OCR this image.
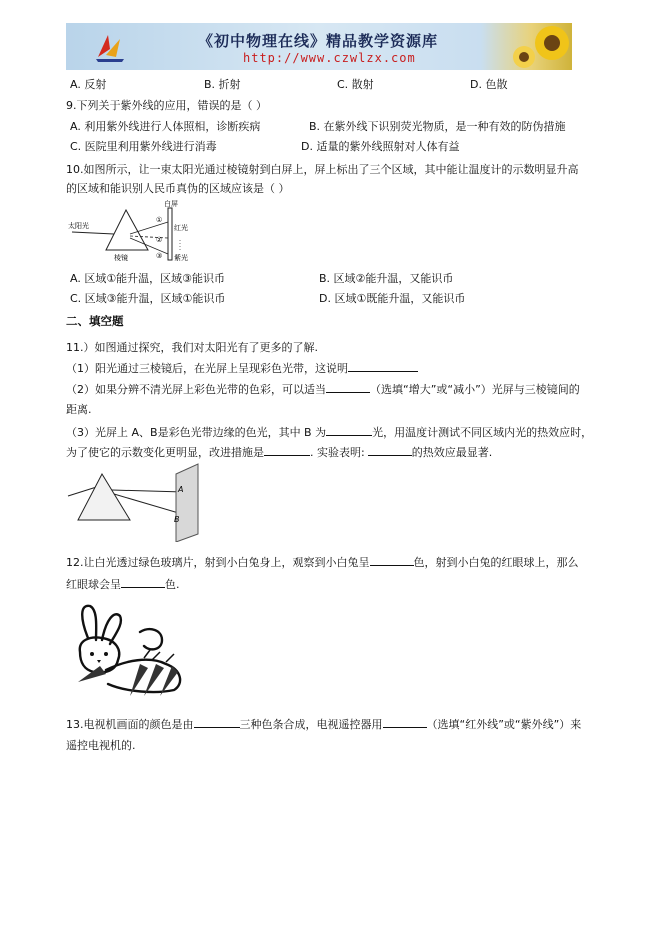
《初中物理在线》精品教学资源库
http://www.czwlzx.com
A. 反射	B. 折射	C. 散射	D. 色散
9.下列关于紫外线的应用，错误的是（ ）
A. 利用紫外线进行人体照相，诊断疾病	B. 在紫外线下识别荧光物质，是一种有效的防伪措施
C. 医院里利用紫外线进行消毒	D. 适量的紫外线照射对人体有益
10.如图所示，让一束太阳光通过棱镜射到白屏上，屏上标出了三个区域，其中能让温度计的示数明显升高
的区域和能识别人民币真伪的区域应该是（ ）
太阳光
棱镜
白屏
红光
紫光
①
②
③
A. 区域①能升温，区域③能识币	B. 区域②能升温，又能识币
C. 区域③能升温，区域①能识币	D. 区域①既能升温，又能识币
二、填空题
11.）如图通过探究，我们对太阳光有了更多的了解.
（1）阳光通过三棱镜后，在光屏上呈现彩色光带，这说明
（2）如果分辨不清光屏上彩色光带的色彩，可以适当	（选填“增大”或“减小”）光屏与三棱镜间的
距离.
（3）光屏上 A、B是彩色光带边缘的色光，其中 B 为	光，用温度计测试不同区域内光的热效应时，
为了使它的示数变化更明显，改进措施是	. 实验表明:	的热效应最显著.
A
B
12.让白光透过绿色玻璃片，射到小白兔身上，观察到小白兔呈	色，射到小白兔的红眼球上，那么
红眼球会呈	色.
13.电视机画面的颜色是由	三种色条合成，电视遥控器用	（选填“红外线”或“紫外线”）来
遥控电视机的.
